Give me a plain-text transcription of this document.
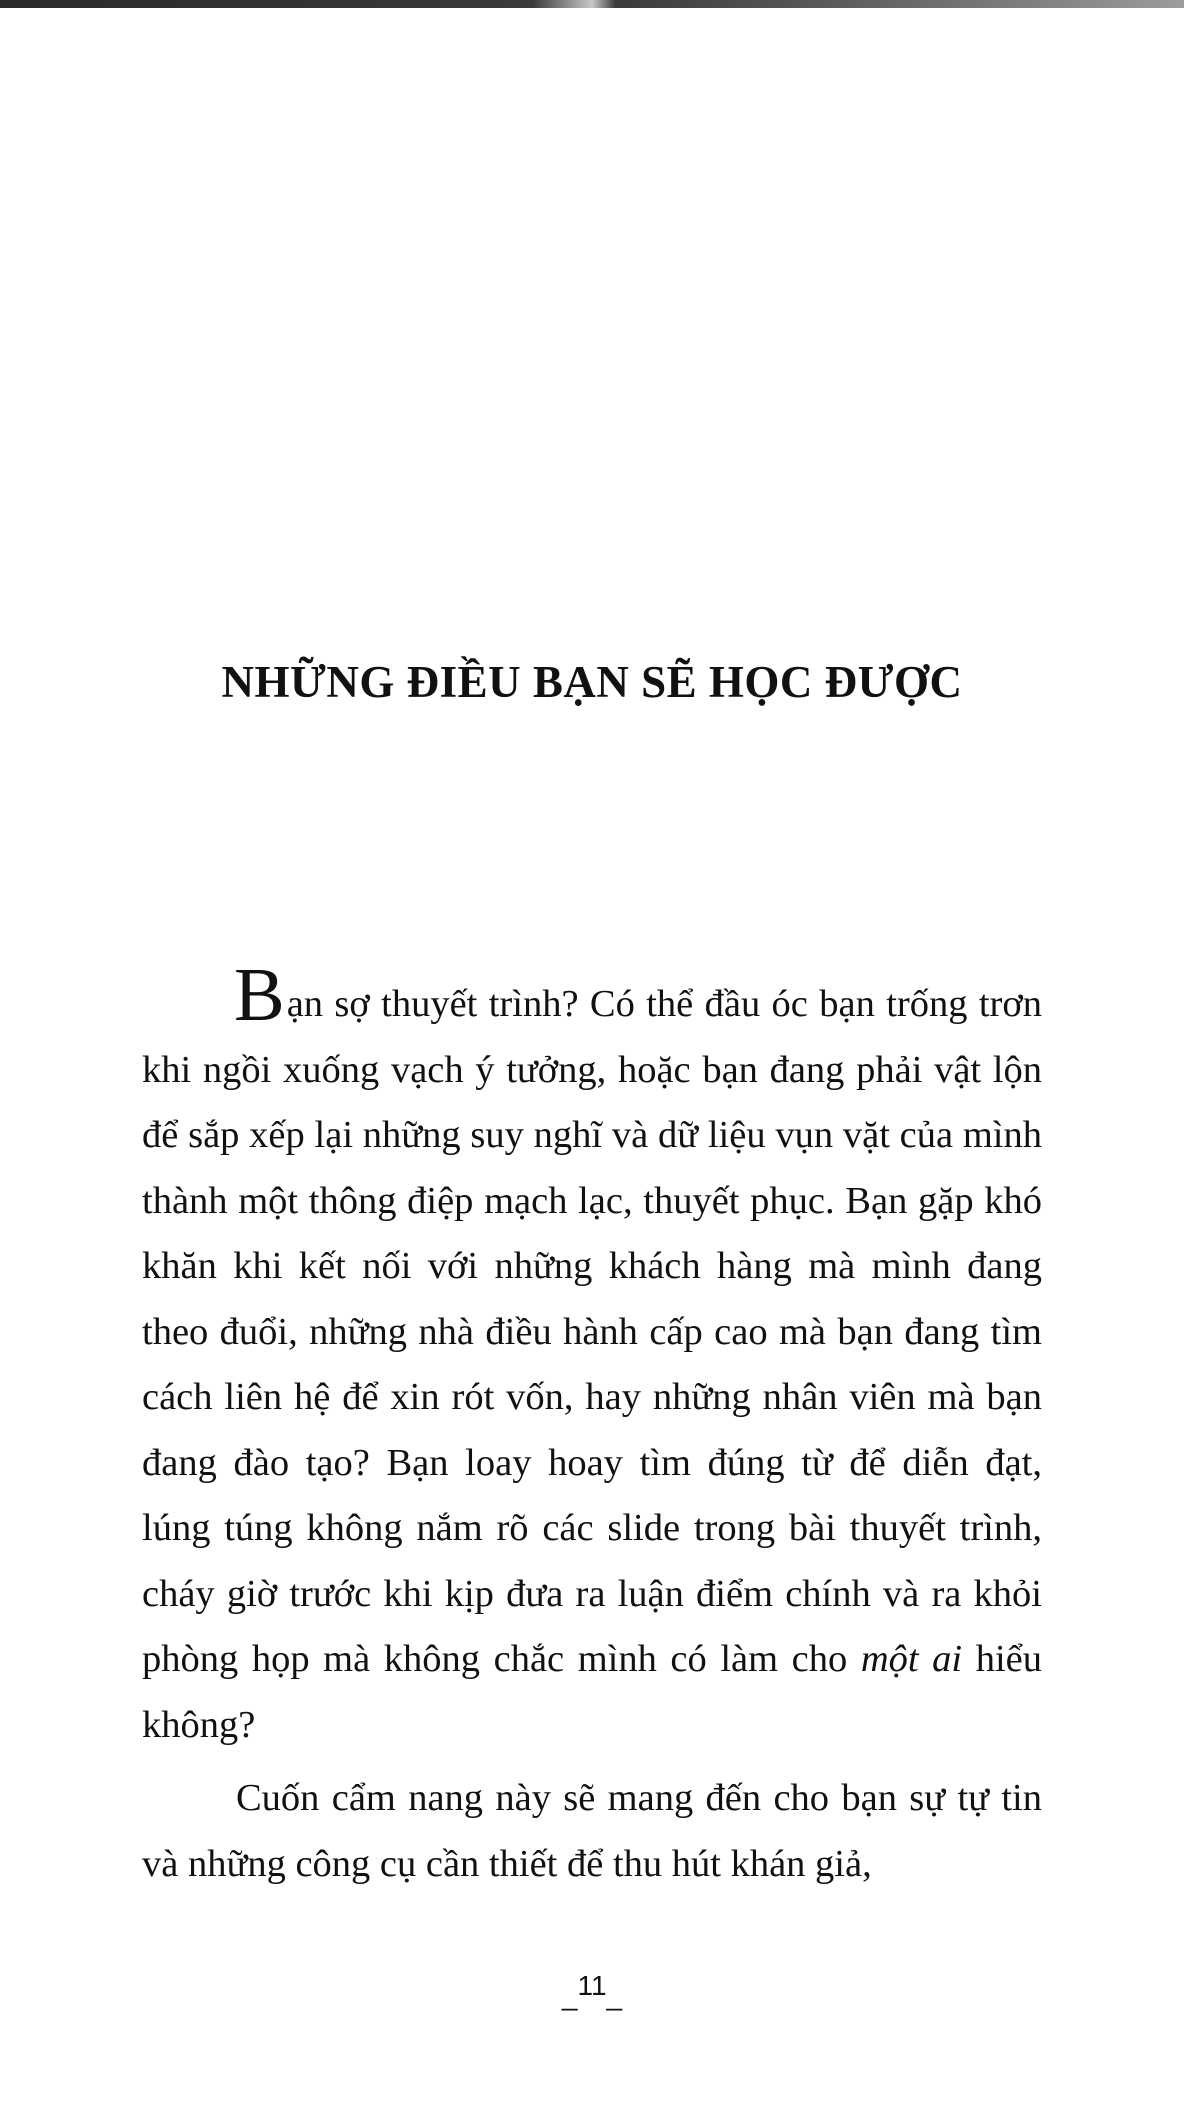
NHỮNG ĐIỀU BẠN SẼ HỌC ĐƯỢC

Bạn sợ thuyết trình? Có thể đầu óc bạn trống trơn khi ngồi xuống vạch ý tưởng, hoặc bạn đang phải vật lộn để sắp xếp lại những suy nghĩ và dữ liệu vụn vặt của mình thành một thông điệp mạch lạc, thuyết phục. Bạn gặp khó khăn khi kết nối với những khách hàng mà mình đang theo đuổi, những nhà điều hành cấp cao mà bạn đang tìm cách liên hệ để xin rót vốn, hay những nhân viên mà bạn đang đào tạo? Bạn loay hoay tìm đúng từ để diễn đạt, lúng túng không nắm rõ các slide trong bài thuyết trình, cháy giờ trước khi kịp đưa ra luận điểm chính và ra khỏi phòng họp mà không chắc mình có làm cho một ai hiểu không?

Cuốn cẩm nang này sẽ mang đến cho bạn sự tự tin và những công cụ cần thiết để thu hút khán giả,

_11_
